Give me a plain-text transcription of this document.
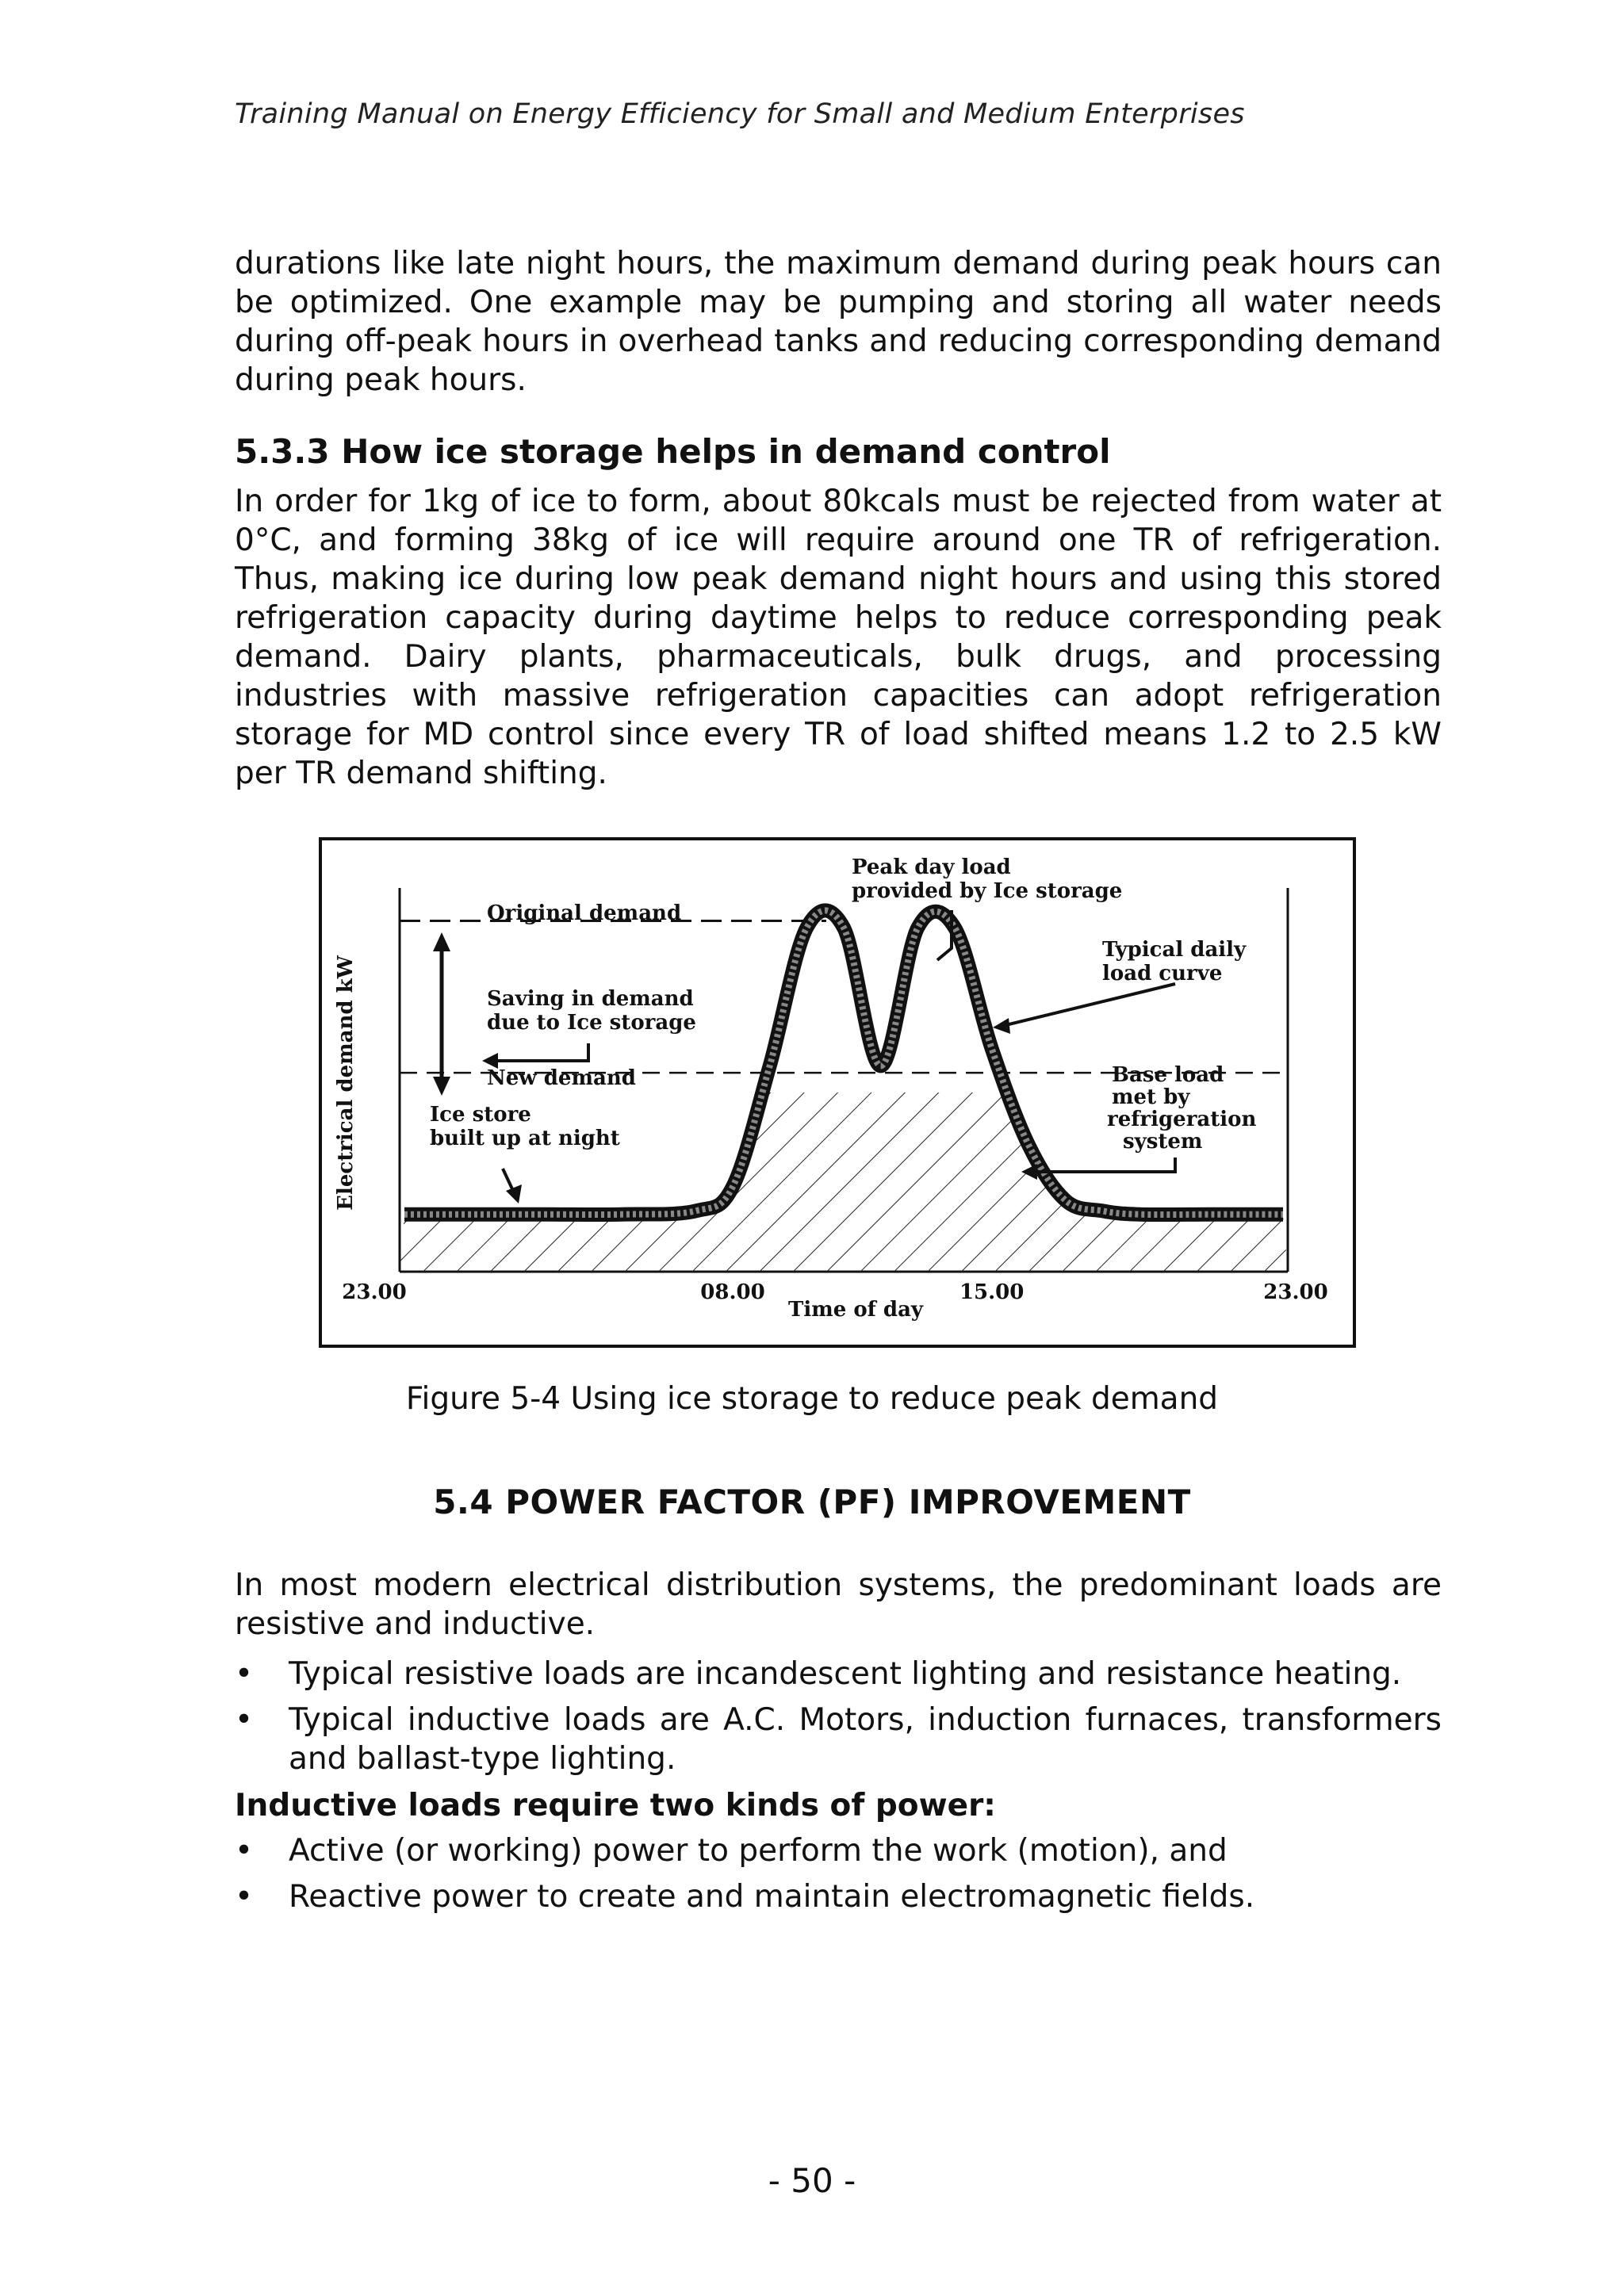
Training Manual on Energy Efficiency for Small and Medium Enterprises
durations like late night hours, the maximum demand during peak hours can be optimized. One example may be pumping and storing all water needs during off-peak hours in overhead tanks and reducing corresponding demand during peak hours.
5.3.3 How ice storage helps in demand control
In order for 1kg of ice to form, about 80kcals must be rejected from water at 0°C, and forming 38kg of ice will require around one TR of refrigeration. Thus, making ice during low peak demand night hours and using this stored refrigeration capacity during daytime helps to reduce corresponding peak demand. Dairy plants, pharmaceuticals, bulk drugs, and processing industries with massive refrigeration capacities can adopt refrigeration storage for MD control since every TR of load shifted means 1.2 to 2.5 kW per TR demand shifting.
Original demand
Peak day load
provided by Ice storage
Typical daily
load curve
Saving in demand
due to Ice storage
New demand
Ice store
built up at night
Base load
met by
refrigeration
system
Electrical demand kW
Time of day
23.00	08.00	15.00	23.00
Figure 5-4 Using ice storage to reduce peak demand
5.4 POWER FACTOR (PF) IMPROVEMENT
In most modern electrical distribution systems, the predominant loads are resistive and inductive.
• Typical resistive loads are incandescent lighting and resistance heating.
• Typical inductive loads are A.C. Motors, induction furnaces, transformers and ballast-type lighting.
Inductive loads require two kinds of power:
• Active (or working) power to perform the work (motion), and
• Reactive power to create and maintain electromagnetic fields.
- 50 -
